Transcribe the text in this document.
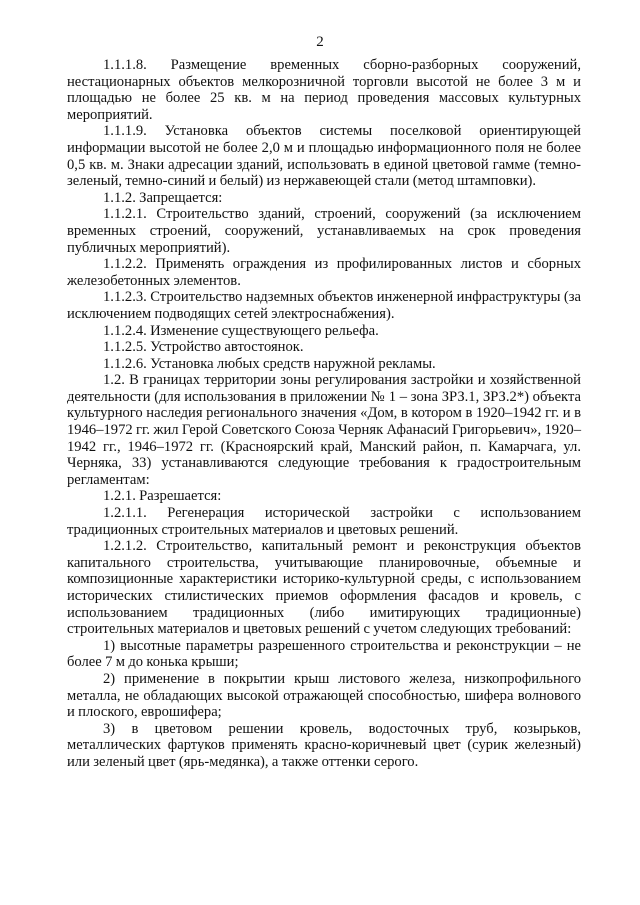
2

1.1.1.8. Размещение временных сборно-разборных сооружений, нестационарных объектов мелкорозничной торговли высотой не более 3 м и площадью не более 25 кв. м на период проведения массовых культурных мероприятий.

1.1.1.9. Установка объектов системы поселковой ориентирующей информации высотой не более 2,0 м и площадью информационного поля не более 0,5 кв. м. Знаки адресации зданий, использовать в единой цветовой гамме (темно-зеленый, темно-синий и белый) из нержавеющей стали (метод штамповки).

1.1.2. Запрещается:

1.1.2.1. Строительство зданий, строений, сооружений (за исключением временных строений, сооружений, устанавливаемых на срок проведения публичных мероприятий).

1.1.2.2. Применять ограждения из профилированных листов и сборных железобетонных элементов.

1.1.2.3. Строительство надземных объектов инженерной инфраструктуры (за исключением подводящих сетей электроснабжения).

1.1.2.4. Изменение существующего рельефа.

1.1.2.5. Устройство автостоянок.

1.1.2.6. Установка любых средств наружной рекламы.

1.2. В границах территории зоны регулирования застройки и хозяйственной деятельности (для использования в приложении № 1 – зона ЗРЗ.1, ЗРЗ.2*) объекта культурного наследия регионального значения «Дом, в котором в 1920–1942 гг. и в 1946–1972 гг. жил Герой Советского Союза Черняк Афанасий Григорьевич», 1920–1942 гг., 1946–1972 гг. (Красноярский край, Манский район, п. Камарчага, ул. Черняка, 33) устанавливаются следующие требования к градостроительным регламентам:

1.2.1. Разрешается:

1.2.1.1. Регенерация исторической застройки с использованием традиционных строительных материалов и цветовых решений.

1.2.1.2. Строительство, капитальный ремонт и реконструкция объектов капитального строительства, учитывающие планировочные, объемные и композиционные характеристики историко-культурной среды, с использованием исторических стилистических приемов оформления фасадов и кровель, с использованием традиционных (либо имитирующих традиционные) строительных материалов и цветовых решений с учетом следующих требований:

1) высотные параметры разрешенного строительства и реконструкции – не более 7 м до конька крыши;

2) применение в покрытии крыш листового железа, низкопрофильного металла, не обладающих высокой отражающей способностью, шифера волнового и плоского, еврошифера;

3) в цветовом решении кровель, водосточных труб, козырьков, металлических фартуков применять красно-коричневый цвет (сурик железный) или зеленый цвет (ярь-медянка), а также оттенки серого.
